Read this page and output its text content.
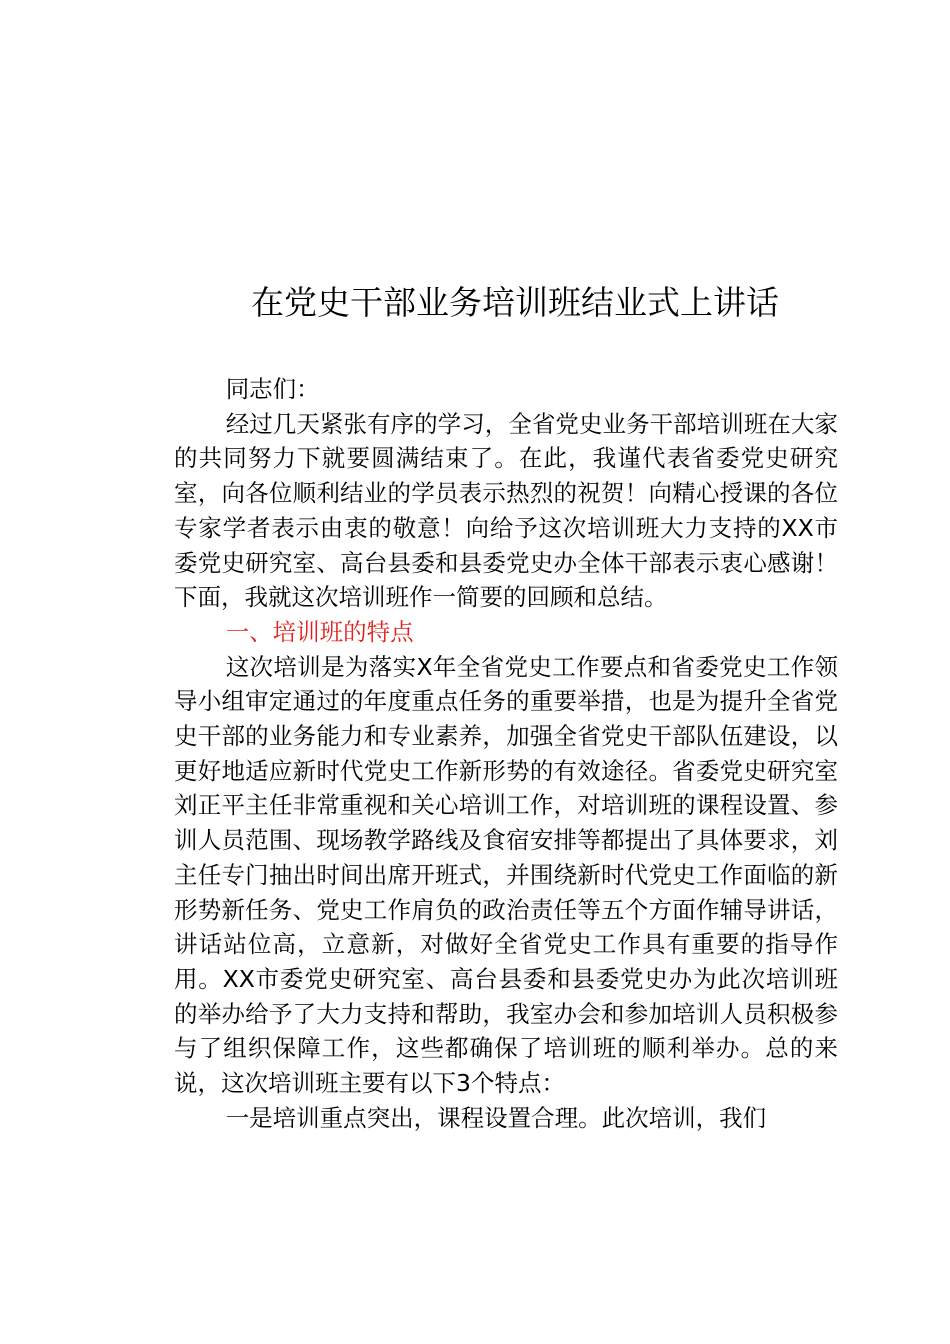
在党史干部业务培训班结业式上讲话

同志们：

经过几天紧张有序的学习，全省党史业务干部培训班在大家的共同努力下就要圆满结束了。在此，我谨代表省委党史研究室，向各位顺利结业的学员表示热烈的祝贺！向精心授课的各位专家学者表示由衷的敬意！向给予这次培训班大力支持的XX市委党史研究室、高台县委和县委党史办全体干部表示衷心感谢！下面，我就这次培训班作一简要的回顾和总结。

一、培训班的特点

这次培训是为落实X年全省党史工作要点和省委党史工作领导小组审定通过的年度重点任务的重要举措，也是为提升全省党史干部的业务能力和专业素养，加强全省党史干部队伍建设，以更好地适应新时代党史工作新形势的有效途径。省委党史研究室刘正平主任非常重视和关心培训工作，对培训班的课程设置、参训人员范围、现场教学路线及食宿安排等都提出了具体要求，刘主任专门抽出时间出席开班式，并围绕新时代党史工作面临的新形势新任务、党史工作肩负的政治责任等五个方面作辅导讲话，讲话站位高，立意新，对做好全省党史工作具有重要的指导作用。XX市委党史研究室、高台县委和县委党史办为此次培训班的举办给予了大力支持和帮助，我室办会和参加培训人员积极参与了组织保障工作，这些都确保了培训班的顺利举办。总的来说，这次培训班主要有以下3个特点：

一是培训重点突出，课程设置合理。此次培训，我们
